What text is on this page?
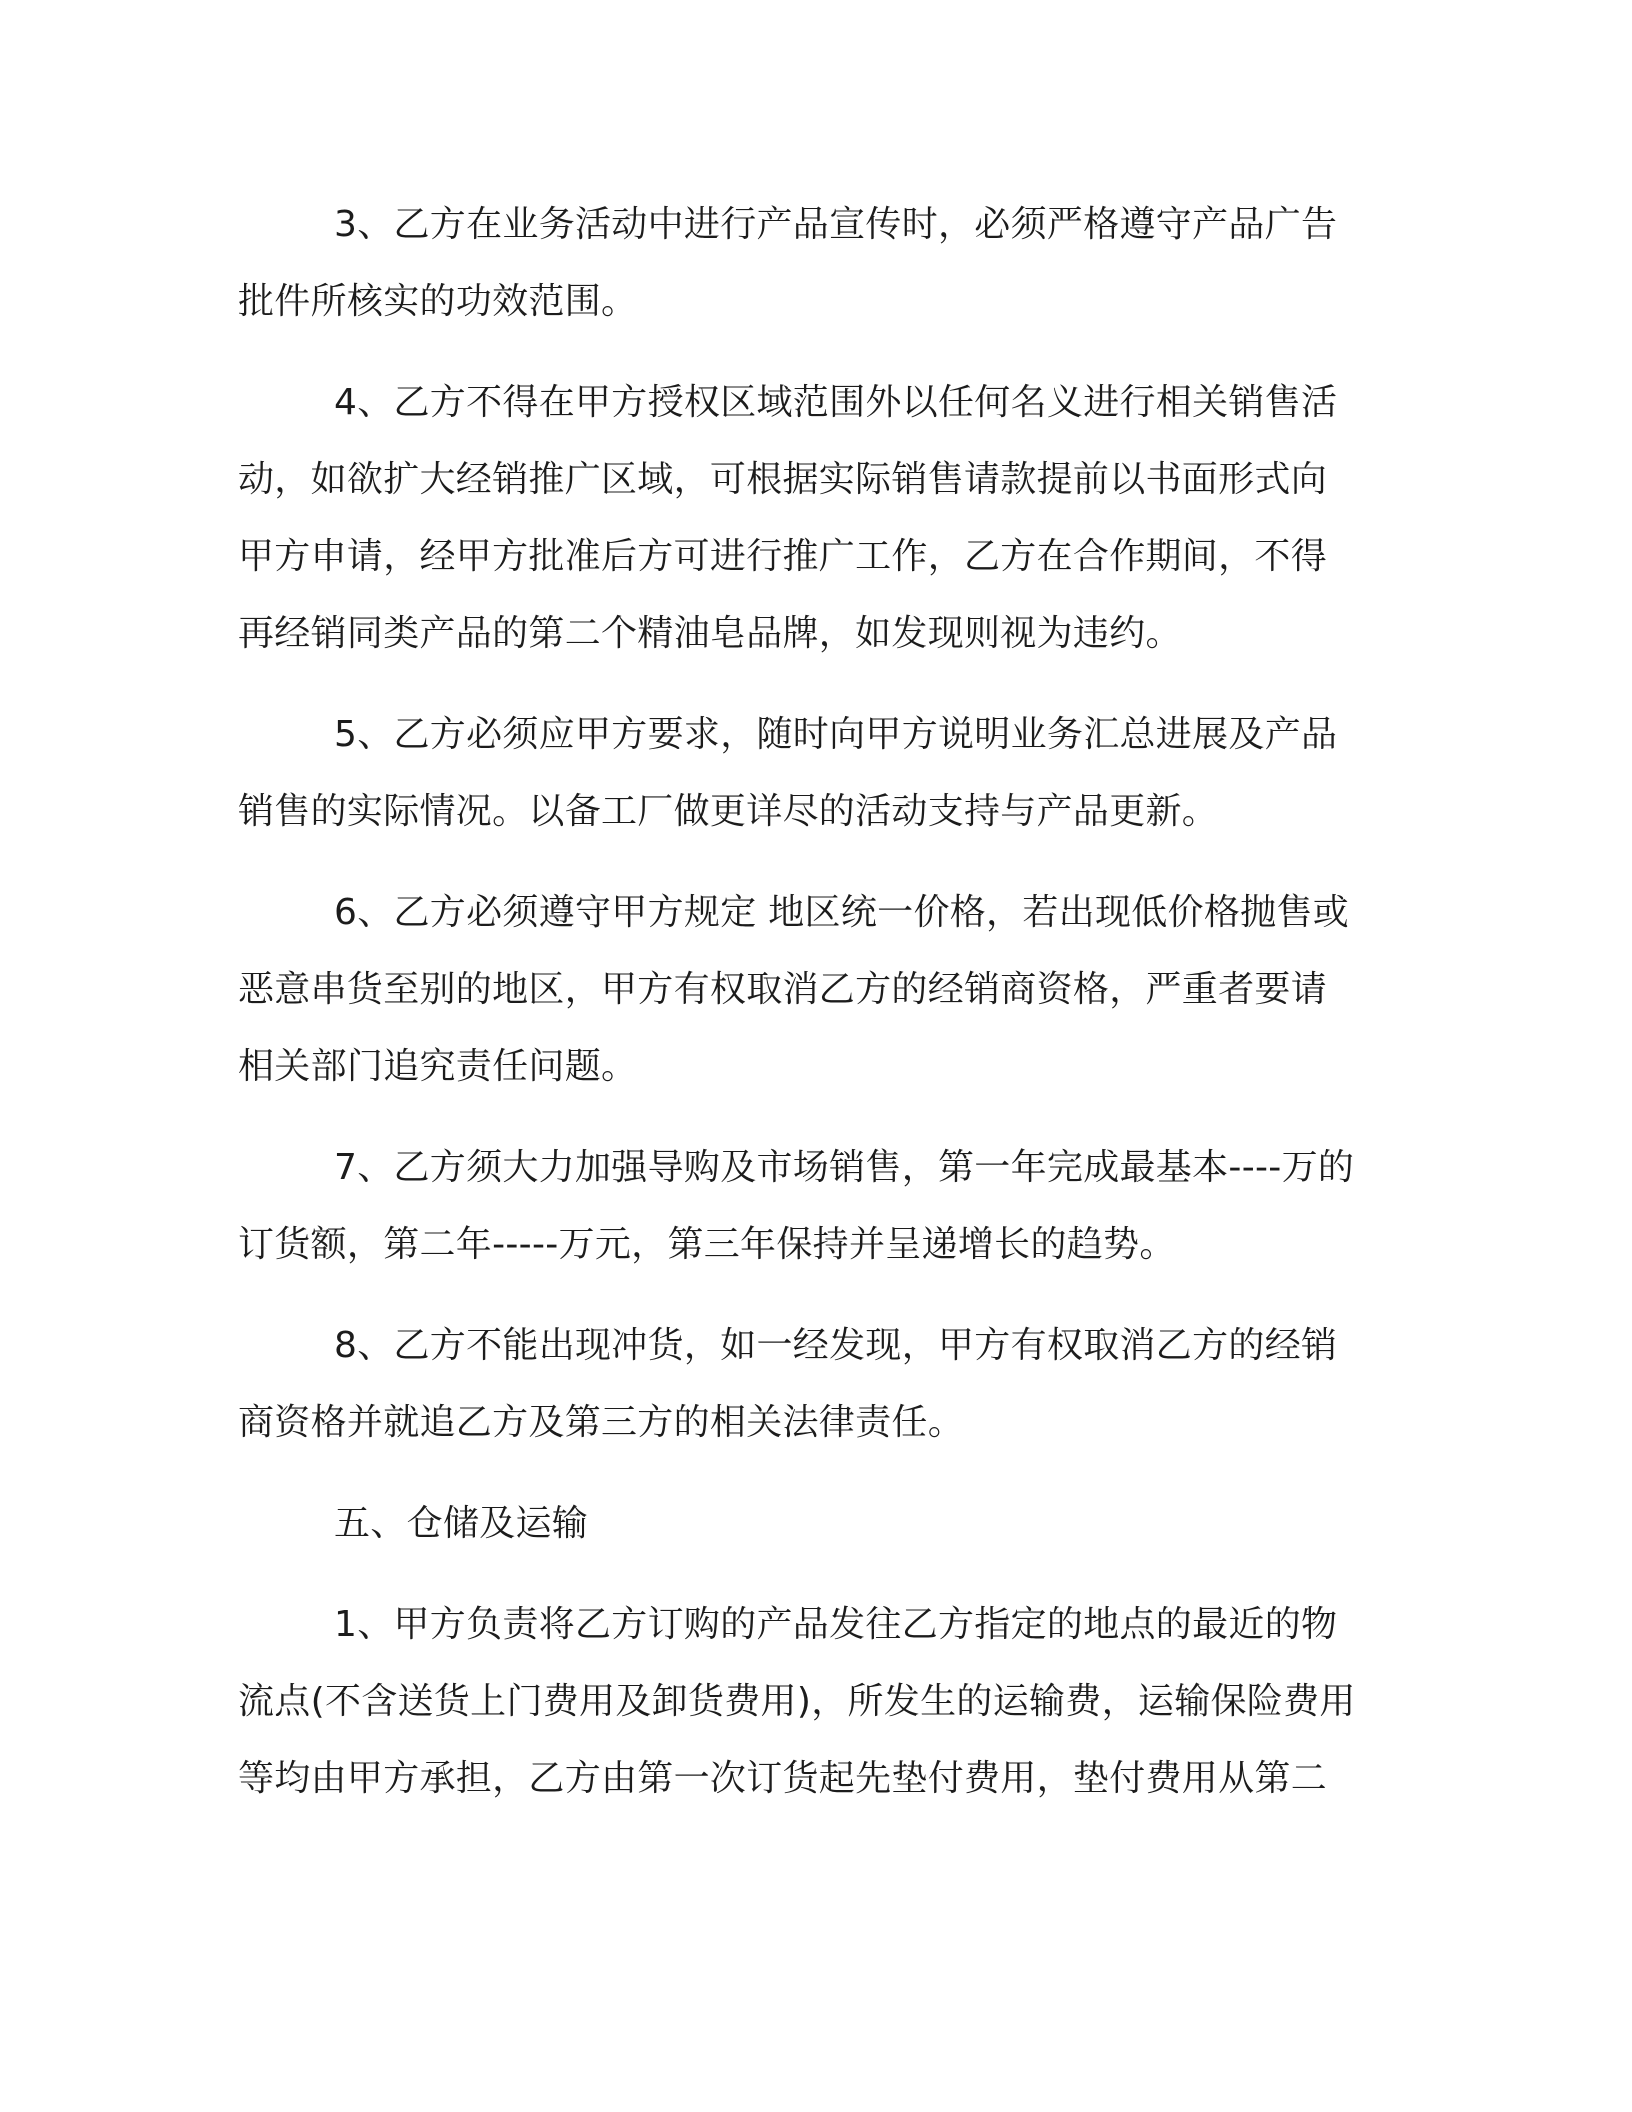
3、乙方在业务活动中进行产品宣传时，必须严格遵守产品广告
批件所核实的功效范围。

4、乙方不得在甲方授权区域范围外以任何名义进行相关销售活
动，如欲扩大经销推广区域，可根据实际销售请款提前以书面形式向
甲方申请，经甲方批准后方可进行推广工作，乙方在合作期间，不得
再经销同类产品的第二个精油皂品牌，如发现则视为违约。

5、乙方必须应甲方要求，随时向甲方说明业务汇总进展及产品
销售的实际情况。以备工厂做更详尽的活动支持与产品更新。

6、乙方必须遵守甲方规定 地区统一价格，若出现低价格抛售或
恶意串货至别的地区，甲方有权取消乙方的经销商资格，严重者要请
相关部门追究责任问题。

7、乙方须大力加强导购及市场销售，第一年完成最基本----万的
订货额，第二年-----万元，第三年保持并呈递增长的趋势。

8、乙方不能出现冲货，如一经发现，甲方有权取消乙方的经销
商资格并就追乙方及第三方的相关法律责任。

五、仓储及运输

1、甲方负责将乙方订购的产品发往乙方指定的地点的最近的物
流点(不含送货上门费用及卸货费用)，所发生的运输费，运输保险费用
等均由甲方承担，乙方由第一次订货起先垫付费用，垫付费用从第二
